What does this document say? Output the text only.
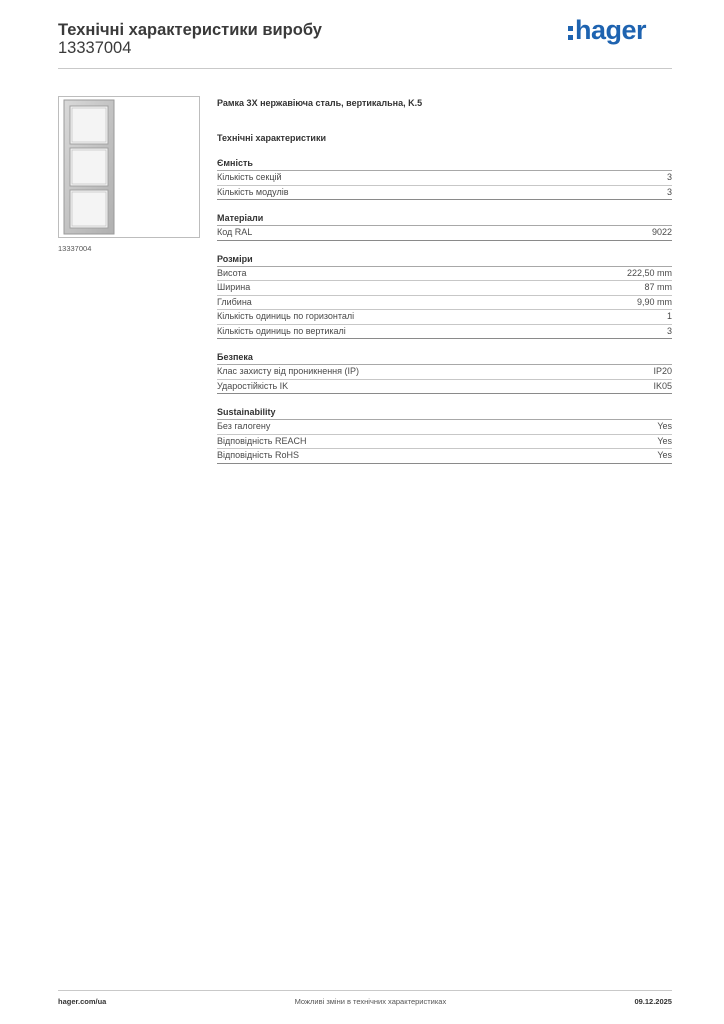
Технічні характеристики виробу
13337004
hager
13337004
Рамка 3X нержавіюча сталь, вертикальна, K.5
Технічні характеристики
Ємність
Кількість секцій	3
Кількість модулів	3
Матеріали
Код RAL	9022
Розміри
Висота	222,50 mm
Ширина	87 mm
Глибина	9,90 mm
Кількість одиниць по горизонталі	1
Кількість одиниць по вертикалі	3
Безпека
Клас захисту від проникнення (IP)	IP20
Ударостійкість IK	IK05
Sustainability
Без галогену	Yes
Відповідність REACH	Yes
Відповідність RoHS	Yes
hager.com/ua	Можливі зміни в технічних характеристиках	09.12.2025
